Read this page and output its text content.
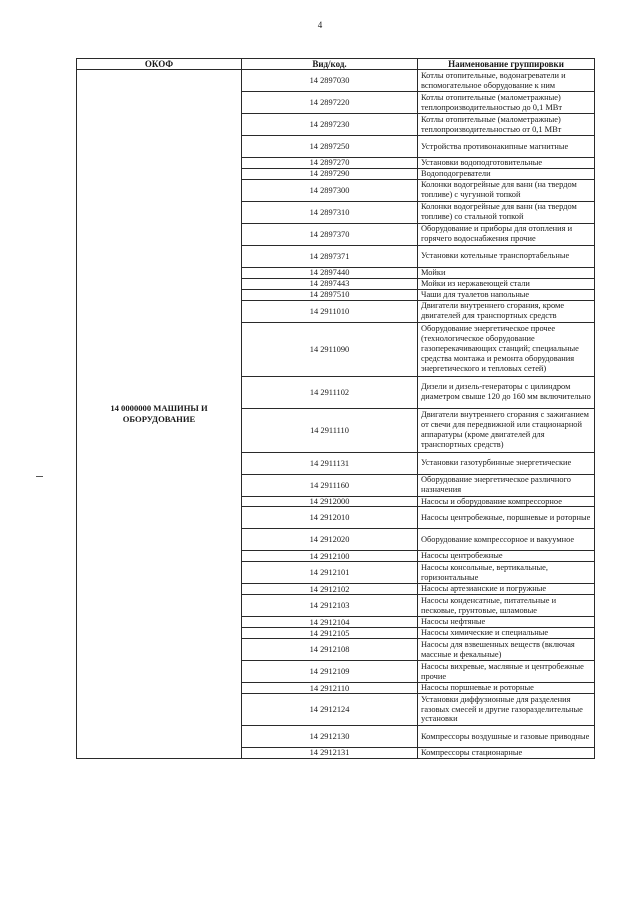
4
ОКОФ	Вид/код.	Наименование группировки
14 0000000 МАШИНЫ И ОБОРУДОВАНИЕ	14 2897030	Котлы отопительные, водонагреватели и вспомогательное оборудование к ним
	14 2897220	Котлы отопительные (малометражные) теплопроизводительностью до 0,1 МВт
	14 2897230	Котлы отопительные (малометражные) теплопроизводительностью от 0,1 МВт
	14 2897250	Устройства противонакипные магнитные
	14 2897270	Установки водоподготовительные
	14 2897290	Водоподогреватели
	14 2897300	Колонки водогрейные для ванн (на твердом топливе) с чугунной топкой
	14 2897310	Колонки водогрейные для ванн (на твердом топливе) со стальной топкой
	14 2897370	Оборудование и приборы для отопления и горячего водоснабжения прочие
	14 2897371	Установки котельные транспортабельные
	14 2897440	Мойки
	14 2897443	Мойки из нержавеющей стали
	14 2897510	Чаши для туалетов напольные
	14 2911010	Двигатели внутреннего сгорания, кроме двигателей для транспортных средств
	14 2911090	Оборудование энергетическое прочее (технологическое оборудование газоперекачивающих станций; специальные средства монтажа и ремонта оборудования энергетического и тепловых сетей)
	14 2911102	Дизели и дизель-генераторы с цилиндром диаметром свыше 120 до 160 мм включительно
	14 2911110	Двигатели внутреннего сгорания с зажиганием от свечи для передвижной или стационарной аппаратуры (кроме двигателей для транспортных средств)
	14 2911131	Установки газотурбинные энергетические
	14 2911160	Оборудование энергетическое различного назначения
	14 2912000	Насосы и оборудование компрессорное
	14 2912010	Насосы центробежные, поршневые и роторные
	14 2912020	Оборудование компрессорное и вакуумное
	14 2912100	Насосы центробежные
	14 2912101	Насосы консольные, вертикальные, горизонтальные
	14 2912102	Насосы артезианские и погружные
	14 2912103	Насосы конденсатные, питательные и песковые, грунтовые, шламовые
	14 2912104	Насосы нефтяные
	14 2912105	Насосы химические и специальные
	14 2912108	Насосы для взвешенных веществ (включая массные и фекальные)
	14 2912109	Насосы вихревые, масляные и центробежные прочие
	14 2912110	Насосы поршневые и роторные
	14 2912124	Установки диффузионные для разделения газовых смесей и другие газоразделительные установки
	14 2912130	Компрессоры воздушные и газовые приводные
	14 2912131	Компрессоры стационарные
